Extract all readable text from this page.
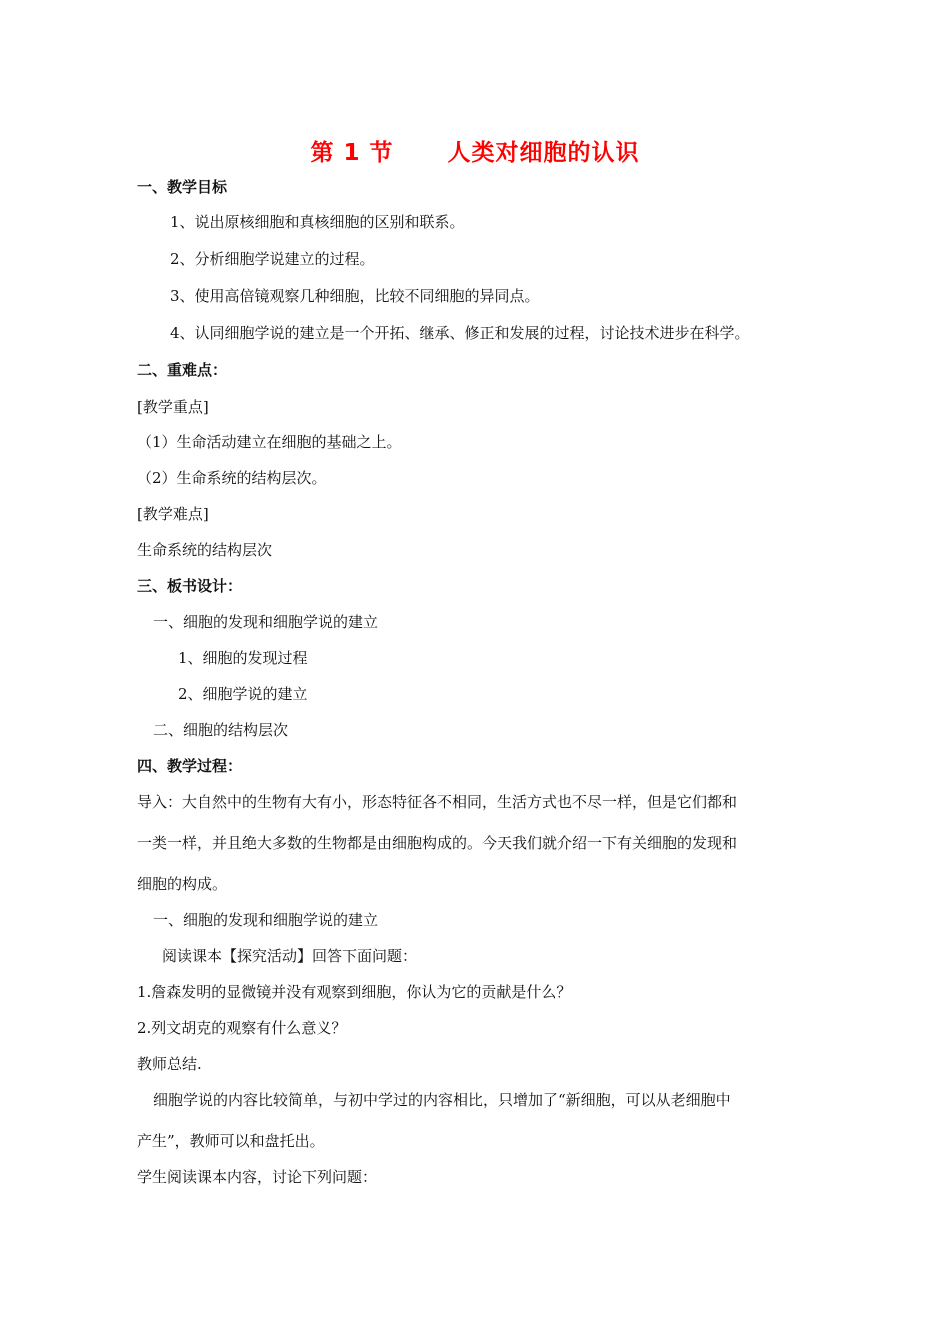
第 1 节      人类对细胞的认识
一、教学目标
1、说出原核细胞和真核细胞的区别和联系。
2、分析细胞学说建立的过程。
3、使用高倍镜观察几种细胞，比较不同细胞的异同点。
4、认同细胞学说的建立是一个开拓、继承、修正和发展的过程，讨论技术进步在科学。
二、重难点：
[教学重点]
（1）生命活动建立在细胞的基础之上。
（2）生命系统的结构层次。
[教学难点]
生命系统的结构层次
三、板书设计：
一、细胞的发现和细胞学说的建立
1、细胞的发现过程
2、细胞学说的建立
二、细胞的结构层次
四、教学过程：
导入：大自然中的生物有大有小，形态特征各不相同，生活方式也不尽一样，但是它们都和
一类一样，并且绝大多数的生物都是由细胞构成的。今天我们就介绍一下有关细胞的发现和
细胞的构成。
一、细胞的发现和细胞学说的建立
阅读课本【探究活动】回答下面问题：
1.詹森发明的显微镜并没有观察到细胞，你认为它的贡献是什么？
2.列文胡克的观察有什么意义？
教师总结.
细胞学说的内容比较简单，与初中学过的内容相比，只增加了“新细胞，可以从老细胞中
产生”，教师可以和盘托出。
学生阅读课本内容，讨论下列问题：
